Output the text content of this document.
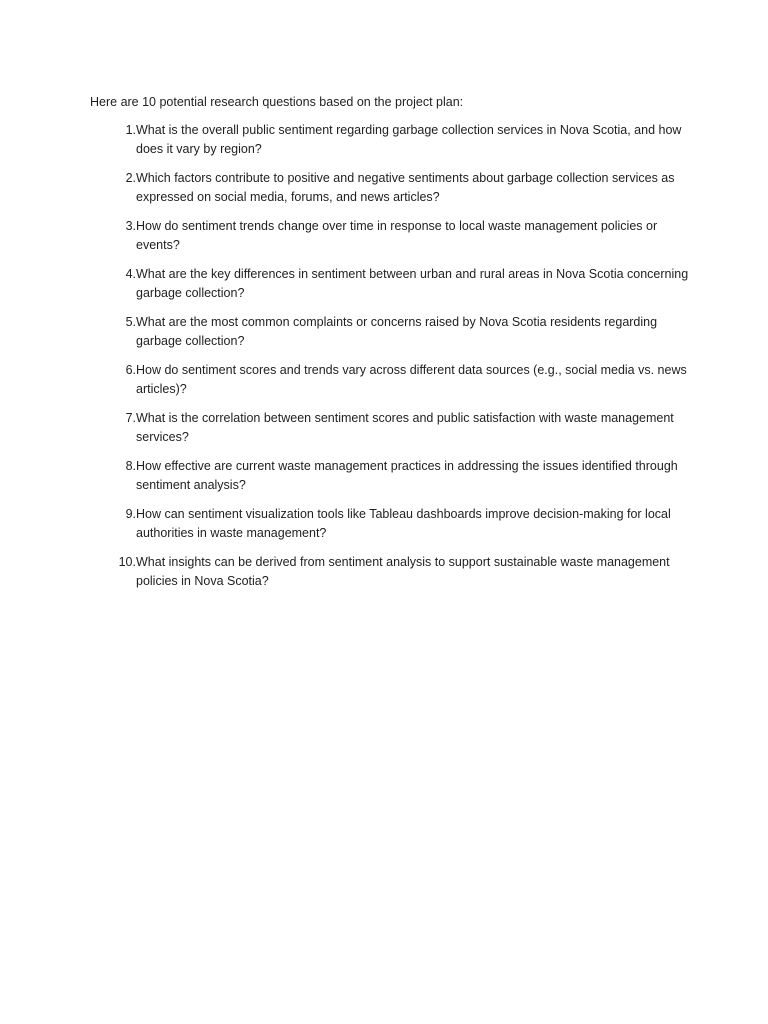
Here are 10 potential research questions based on the project plan:

1. What is the overall public sentiment regarding garbage collection services in Nova Scotia, and how does it vary by region?
2. Which factors contribute to positive and negative sentiments about garbage collection services as expressed on social media, forums, and news articles?
3. How do sentiment trends change over time in response to local waste management policies or events?
4. What are the key differences in sentiment between urban and rural areas in Nova Scotia concerning garbage collection?
5. What are the most common complaints or concerns raised by Nova Scotia residents regarding garbage collection?
6. How do sentiment scores and trends vary across different data sources (e.g., social media vs. news articles)?
7. What is the correlation between sentiment scores and public satisfaction with waste management services?
8. How effective are current waste management practices in addressing the issues identified through sentiment analysis?
9. How can sentiment visualization tools like Tableau dashboards improve decision-making for local authorities in waste management?
10. What insights can be derived from sentiment analysis to support sustainable waste management policies in Nova Scotia?
